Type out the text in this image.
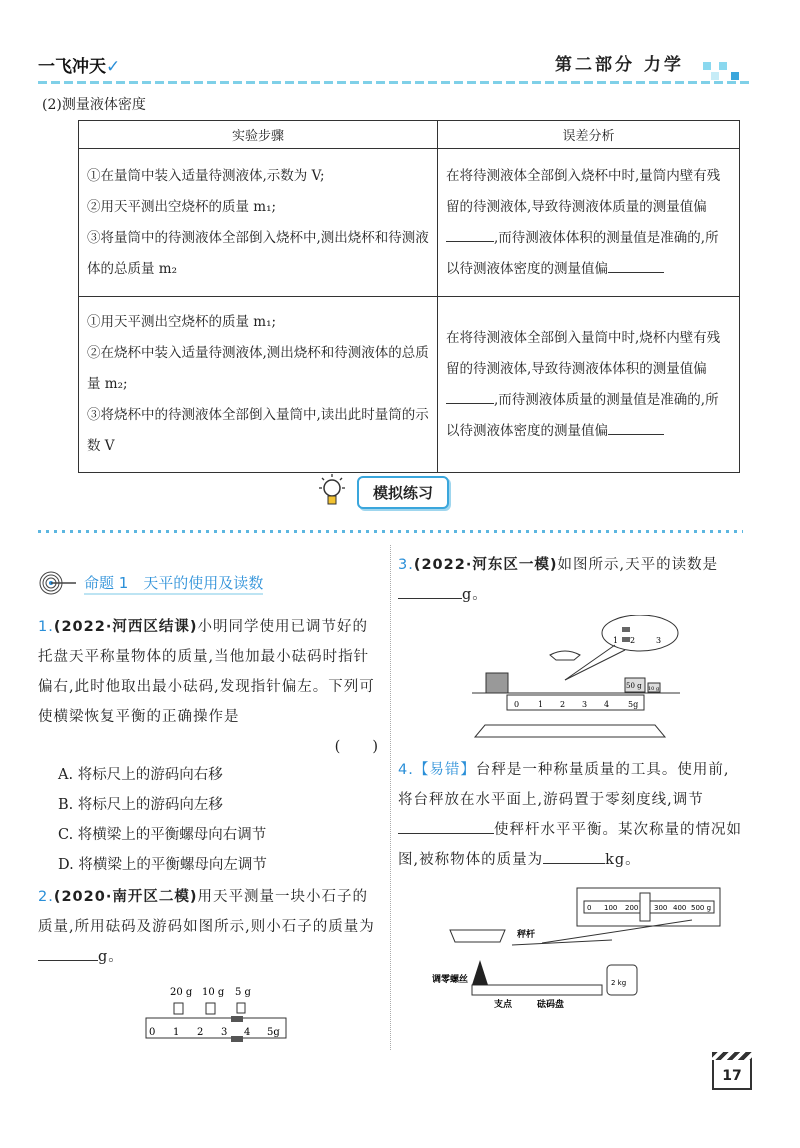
一飞冲天✓	第二部分 力学
(2)测量液体密度
实验步骤	误差分析

①在量筒中装入适量待测液体,示数为 V;
②用天平测出空烧杯的质量 m₁;
③将量筒中的待测液体全部倒入烧杯中,测出烧杯和待测液体的总质量 m₂	在将待测液体全部倒入烧杯中时,量筒内壁有残留的待测液体,导致待测液体质量的测量值偏,而待测液体体积的测量值是准确的,所以待测液体密度的测量值偏

①用天平测出空烧杯的质量 m₁;
②在烧杯中装入适量待测液体,测出烧杯和待测液体的总质量 m₂;
③将烧杯中的待测液体全部倒入量筒中,读出此时量筒的示数 V	在将待测液体全部倒入量筒中时,烧杯内壁有残留的待测液体,导致待测液体体积的测量值偏,而待测液体质量的测量值是准确的,所以待测液体密度的测量值偏
模拟练习
命题 1　天平的使用及读数
1.(2022·河西区结课)小明同学使用已调节好的托盘天平称量物体的质量,当他加最小砝码时指针偏右,此时他取出最小砝码,发现指针偏左。下列可使横梁恢复平衡的正确操作是
(　　)
A. 将标尺上的游码向右移
B. 将标尺上的游码向左移
C. 将横梁上的平衡螺母向右调节
D. 将横梁上的平衡螺母向左调节
2.(2020·南开区二模)用天平测量一块小石子的质量,所用砝码及游码如图所示,则小石子的质量为g。
20 g 10 g 5 g
0 1 2 3 4 5g
3.(2022·河东区一模)如图所示,天平的读数是
g。
1 2	3
50 g 10 g
0 1 2 3 4 5g
4.【易错】台秤是一种称量质量的工具。使用前,将台秤放在水平面上,游码置于零刻度线,调节使秤杆水平平衡。某次称量的情况如图,被称物体的质量为	kg。
0 100 200 300 400 500 g
2 kg
秤杆
调零螺丝
支点	砝码盘
17
